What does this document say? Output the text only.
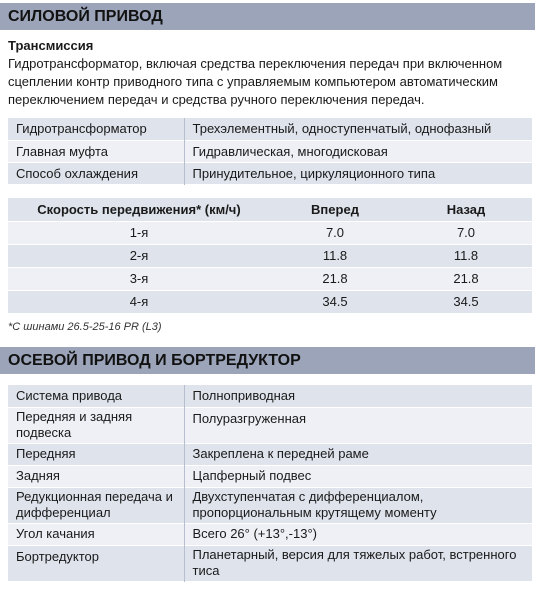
СИЛОВОЙ ПРИВОД
Трансмиссия
Гидротрансформатор, включая средства переключения передач при включенном сцеплении контр приводного типа с управляемым компьютером автоматическим переключением передач и средства ручного переключения передач.
Гидротрансформатор	Трехэлементный, одноступенчатый, однофазный
Главная муфта	Гидравлическая, многодисковая
Способ охлаждения	Принудительное, циркуляционного типа
Скорость передвижения* (км/ч)	Вперед	Назад
1-я	7.0	7.0
2-я	11.8	11.8
3-я	21.8	21.8
4-я	34.5	34.5
*С шинами 26.5-25-16 PR (L3)
ОСЕВОЙ ПРИВОД И БОРТРЕДУКТОР
Система привода	Полноприводная
Передняя и задняя подвеска	Полуразгруженная
Передняя	Закреплена к передней раме
Задняя	Цапферный подвес
Редукционная передача и дифференциал	Двухступенчатая с дифференциалом, пропорциональным крутящему моменту
Угол качания	Всего 26° (+13°,-13°)
Бортредуктор	Планетарный, версия для тяжелых работ, встренного тиса
